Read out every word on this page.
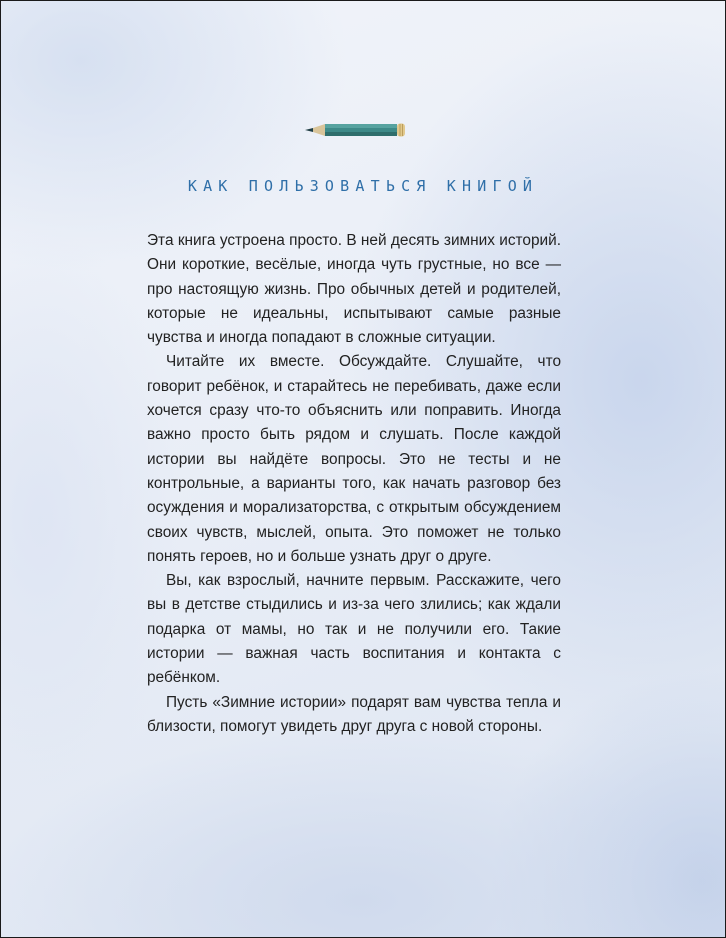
КАК ПОЛЬЗОВАТЬСЯ КНИГОЙ

Эта книга устроена просто. В ней десять зимних историй. Они короткие, весёлые, иногда чуть грустные, но все — про настоящую жизнь. Про обычных детей и родителей, которые не идеальны, испытывают самые разные чувства и иногда попадают в сложные ситуации.

Читайте их вместе. Обсуждайте. Слушайте, что говорит ребёнок, и старайтесь не перебивать, даже если хочется сразу что-то объяснить или поправить. Иногда важно просто быть рядом и слушать. После каждой истории вы найдёте вопросы. Это не тесты и не контрольные, а варианты того, как начать разговор без осуждения и морализаторства, с открытым обсуждением своих чувств, мыслей, опыта. Это поможет не только понять героев, но и больше узнать друг о друге.

Вы, как взрослый, начните первым. Расскажите, чего вы в детстве стыдились и из-за чего злились; как ждали подарка от мамы, но так и не получили его. Такие истории — важная часть воспитания и контакта с ребёнком.

Пусть «Зимние истории» подарят вам чувства тепла и близости, помогут увидеть друг друга с новой стороны.
